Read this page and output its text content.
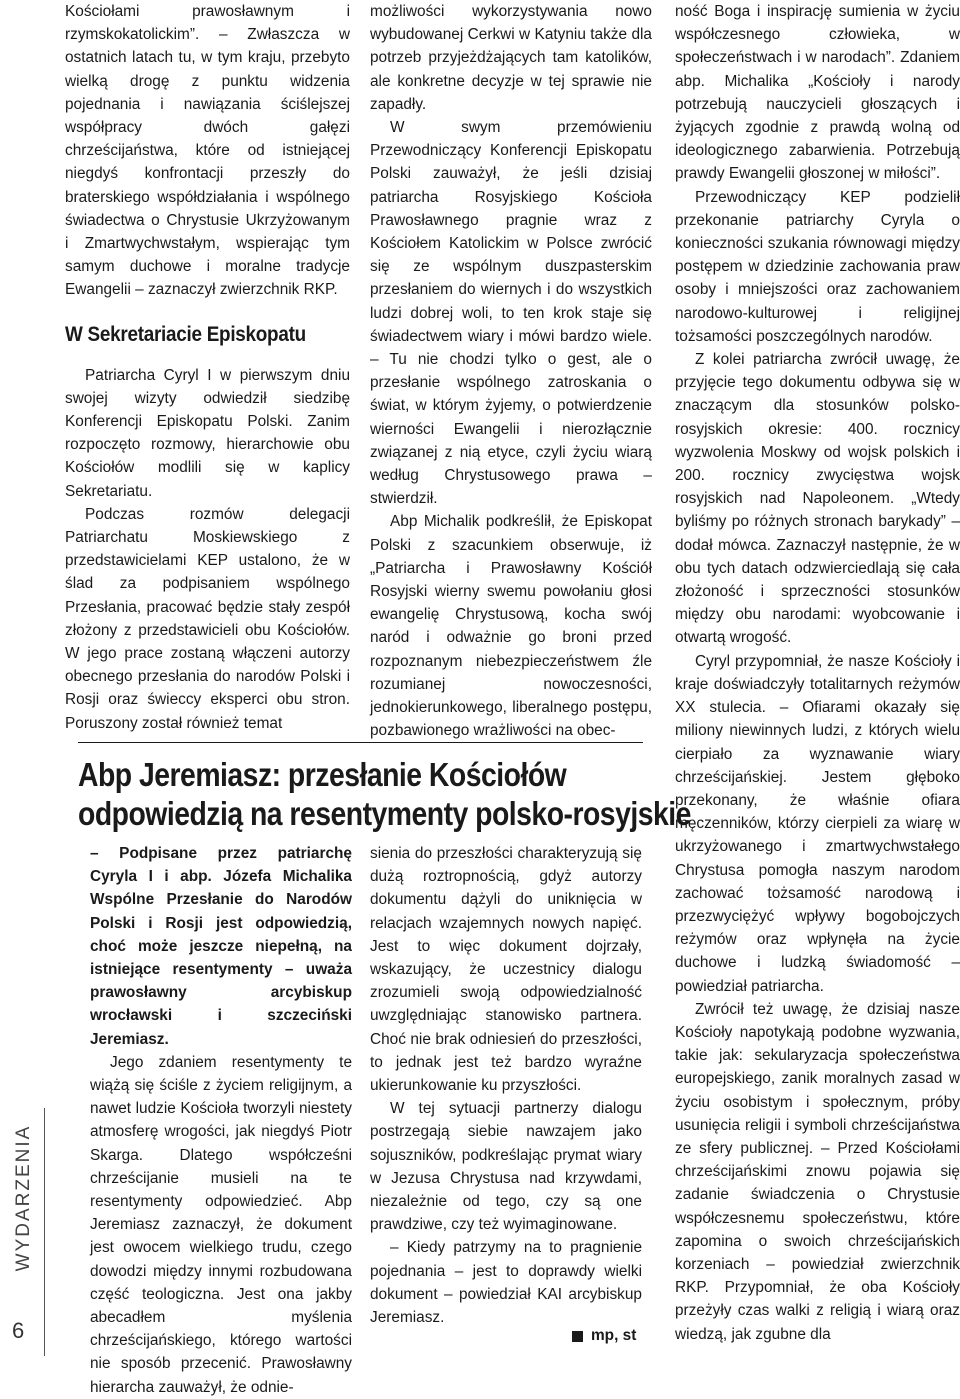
WYDARZENIA
6

Kościołami prawosławnym i rzymskokatolickim”. – Zwłaszcza w ostatnich latach tu, w tym kraju, przebyto wielką drogę z punktu widzenia pojednania i nawiązania ściślejszej współpracy dwóch gałęzi chrześcijaństwa, które od istniejącej niegdyś konfrontacji przeszły do braterskiego współdziałania i wspólnego świadectwa o Chrystusie Ukrzyżowanym i Zmartwychwstałym, wspierając tym samym duchowe i moralne tradycje Ewangelii – zaznaczył zwierzchnik RKP.

W Sekretariacie Episkopatu

Patriarcha Cyryl I w pierwszym dniu swojej wizyty odwiedził siedzibę Konferencji Episkopatu Polski. Zanim rozpoczęto rozmowy, hierarchowie obu Kościołów modlili się w kaplicy Sekretariatu.

Podczas rozmów delegacji Patriarchatu Moskiewskiego z przedstawicielami KEP ustalono, że w ślad za podpisaniem wspólnego Przesłania, pracować będzie stały zespół złożony z przedstawicieli obu Kościołów. W jego prace zostaną włączeni autorzy obecnego przesłania do narodów Polski i Rosji oraz świeccy eksperci obu stron. Poruszony został również temat

możliwości wykorzystywania nowo wybudowanej Cerkwi w Katyniu także dla potrzeb przyjeżdżających tam katolików, ale konkretne decyzje w tej sprawie nie zapadły.

W swym przemówieniu Przewodniczący Konferencji Episkopatu Polski zauważył, że jeśli dzisiaj patriarcha Rosyjskiego Kościoła Prawosławnego pragnie wraz z Kościołem Katolickim w Polsce zwrócić się ze wspólnym duszpasterskim przesłaniem do wiernych i do wszystkich ludzi dobrej woli, to ten krok staje się świadectwem wiary i mówi bardzo wiele. – Tu nie chodzi tylko o gest, ale o przesłanie wspólnego zatroskania o świat, w którym żyjemy, o potwierdzenie wierności Ewangelii i nierozłącznie związanej z nią etyce, czyli życiu wiarą według Chrystusowego prawa – stwierdził.

Abp Michalik podkreślił, że Episkopat Polski z szacunkiem obserwuje, iż „Patriarcha i Prawosławny Kościół Rosyjski wierny swemu powołaniu głosi ewangelię Chrystusową, kocha swój naród i odważnie go broni przed rozpoznanym niebezpieczeństwem źle rozumianej nowoczesności, jednokierunkowego, liberalnego postępu, pozbawionego wrażliwości na obec-

ność Boga i inspirację sumienia w życiu współczesnego człowieka, w społeczeństwach i w narodach”. Zdaniem abp. Michalika „Kościoły i narody potrzebują nauczycieli głoszących i żyjących zgodnie z prawdą wolną od ideologicznego zabarwienia. Potrzebują prawdy Ewangelii głoszonej w miłości”.

Przewodniczący KEP podzielił przekonanie patriarchy Cyryla o konieczności szukania równowagi między postępem w dziedzinie zachowania praw osoby i mniejszości oraz zachowaniem narodowo-kulturowej i religijnej tożsamości poszczególnych narodów.

Z kolei patriarcha zwrócił uwagę, że przyjęcie tego dokumentu odbywa się w znaczącym dla stosunków polsko-rosyjskich okresie: 400. rocznicy wyzwolenia Moskwy od wojsk polskich i 200. rocznicy zwycięstwa wojsk rosyjskich nad Napoleonem. „Wtedy byliśmy po różnych stronach barykady” – dodał mówca. Zaznaczył następnie, że w obu tych datach odzwierciedlają się cała złożoność i sprzeczności stosunków między obu narodami: wyobcowanie i otwartą wrogość.

Cyryl przypomniał, że nasze Kościoły i kraje doświadczyły totalitarnych reżymów XX stulecia. – Ofiarami okazały się miliony niewinnych ludzi, z których wielu cierpiało za wyznawanie wiary chrześcijańskiej. Jestem głęboko przekonany, że właśnie ofiara męczenników, którzy cierpieli za wiarę w ukrzyżowanego i zmartwychwstałego Chrystusa pomogła naszym narodom zachować tożsamość narodową i przezwyciężyć wpływy bogobojczych reżymów oraz wpłynęła na życie duchowe i ludzką świadomość – powiedział patriarcha.

Zwrócił też uwagę, że dzisiaj nasze Kościoły napotykają podobne wyzwania, takie jak: sekularyzacja społeczeństwa europejskiego, zanik moralnych zasad w życiu osobistym i społecznym, próby usunięcia religii i symboli chrześcijaństwa ze sfery publicznej. – Przed Kościołami chrześcijańskimi znowu pojawia się zadanie świadczenia o Chrystusie współczesnemu społeczeństwu, które zapomina o swoich chrześcijańskich korzeniach – powiedział zwierzchnik RKP. Przypomniał, że oba Kościoły przeżyły czas walki z religią i wiarą oraz wiedzą, jak zgubne dla

Abp Jeremiasz: przesłanie Kościołów
odpowiedzią na resentymenty polsko-rosyjskie

– Podpisane przez patriarchę Cyryla I i abp. Józefa Michalika Wspólne Przesłanie do Narodów Polski i Rosji jest odpowiedzią, choć może jeszcze niepełną, na istniejące resentymenty – uważa prawosławny arcybiskup wrocławski i szczeciński Jeremiasz.

Jego zdaniem resentymenty te wiążą się ściśle z życiem religijnym, a nawet ludzie Kościoła tworzyli niestety atmosferę wrogości, jak niegdyś Piotr Skarga. Dlatego współcześni chrześcijanie musieli na te resentymenty odpowiedzieć. Abp Jeremiasz zaznaczył, że dokument jest owocem wielkiego trudu, czego dowodzi między innymi rozbudowana część teologiczna. Jest ona jakby abecadłem myślenia chrześcijańskiego, którego wartości nie sposób przecenić. Prawosławny hierarcha zauważył, że odnie-

sienia do przeszłości charakteryzują się dużą roztropnością, gdyż autorzy dokumentu dążyli do uniknięcia w relacjach wzajemnych nowych napięć. Jest to więc dokument dojrzały, wskazujący, że uczestnicy dialogu zrozumieli swoją odpowiedzialność uwzględniając stanowisko partnera. Choć nie brak odniesień do przeszłości, to jednak jest też bardzo wyraźne ukierunkowanie ku przyszłości.

W tej sytuacji partnerzy dialogu postrzegają siebie nawzajem jako sojuszników, podkreślając prymat wiary w Jezusa Chrystusa nad krzywdami, niezależnie od tego, czy są one prawdziwe, czy też wyimaginowane.

– Kiedy patrzymy na to pragnienie pojednania – jest to doprawdy wielki dokument – powiedział KAI arcybiskup Jeremiasz.

mp, st
